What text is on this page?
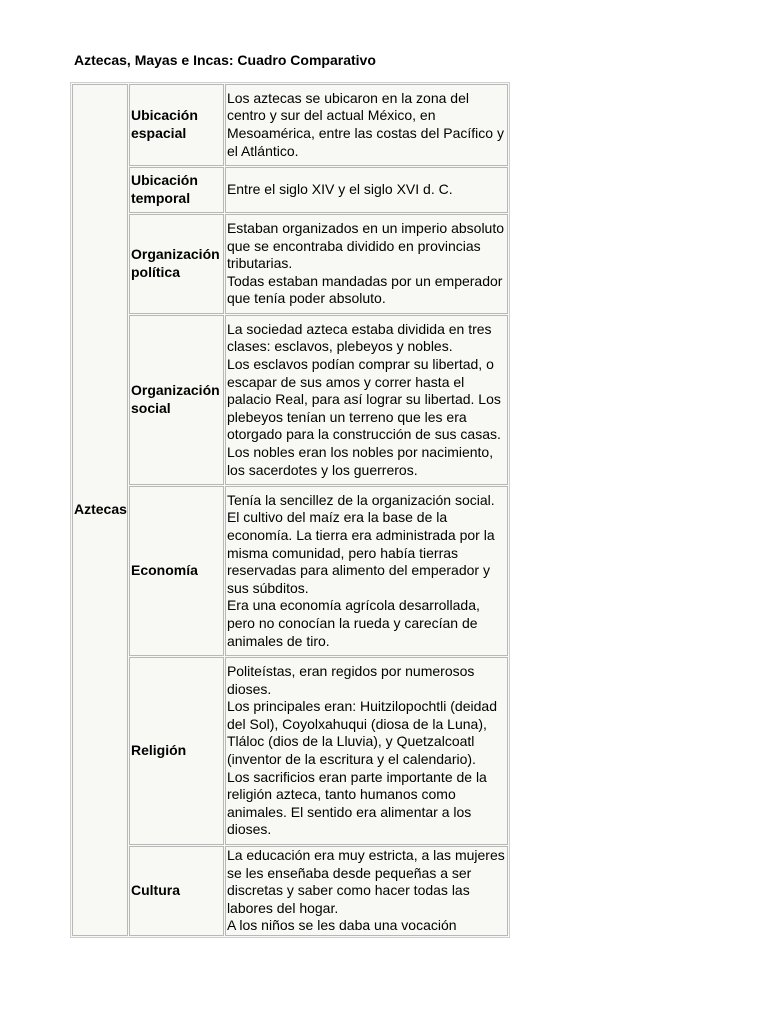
Aztecas, Mayas e Incas: Cuadro Comparativo
Aztecas	Ubicación espacial	Los aztecas se ubicaron en la zona del centro y sur del actual México, en Mesoamérica, entre las costas del Pacífico y el Atlántico.

	Ubicación temporal	Entre el siglo XIV y el siglo XVI d. C.

	Organización política	Estaban organizados en un imperio absoluto que se encontraba dividido en provincias tributarias.
Todas estaban mandadas por un emperador que tenía poder absoluto.

	Organización social	La sociedad azteca estaba dividida en tres clases: esclavos, plebeyos y nobles.
Los esclavos podían comprar su libertad, o escapar de sus amos y correr hasta el palacio Real, para así lograr su libertad. Los plebeyos tenían un terreno que les era otorgado para la construcción de sus casas. Los nobles eran los nobles por nacimiento, los sacerdotes y los guerreros.

	Economía	Tenía la sencillez de la organización social. El cultivo del maíz era la base de la economía. La tierra era administrada por la misma comunidad, pero había tierras reservadas para alimento del emperador y sus súbditos.
Era una economía agrícola desarrollada, pero no conocían la rueda y carecían de animales de tiro.

	Religión	Politeístas, eran regidos por numerosos dioses.
Los principales eran: Huitzilopochtli (deidad del Sol), Coyolxahuqui (diosa de la Luna), Tláloc (dios de la Lluvia), y Quetzalcoatl (inventor de la escritura y el calendario).
Los sacrificios eran parte importante de la religión azteca, tanto humanos como animales. El sentido era alimentar a los dioses.

	Cultura	La educación era muy estricta, a las mujeres se les enseñaba desde pequeñas a ser discretas y saber como hacer todas las labores del hogar.
A los niños se les daba una vocación
